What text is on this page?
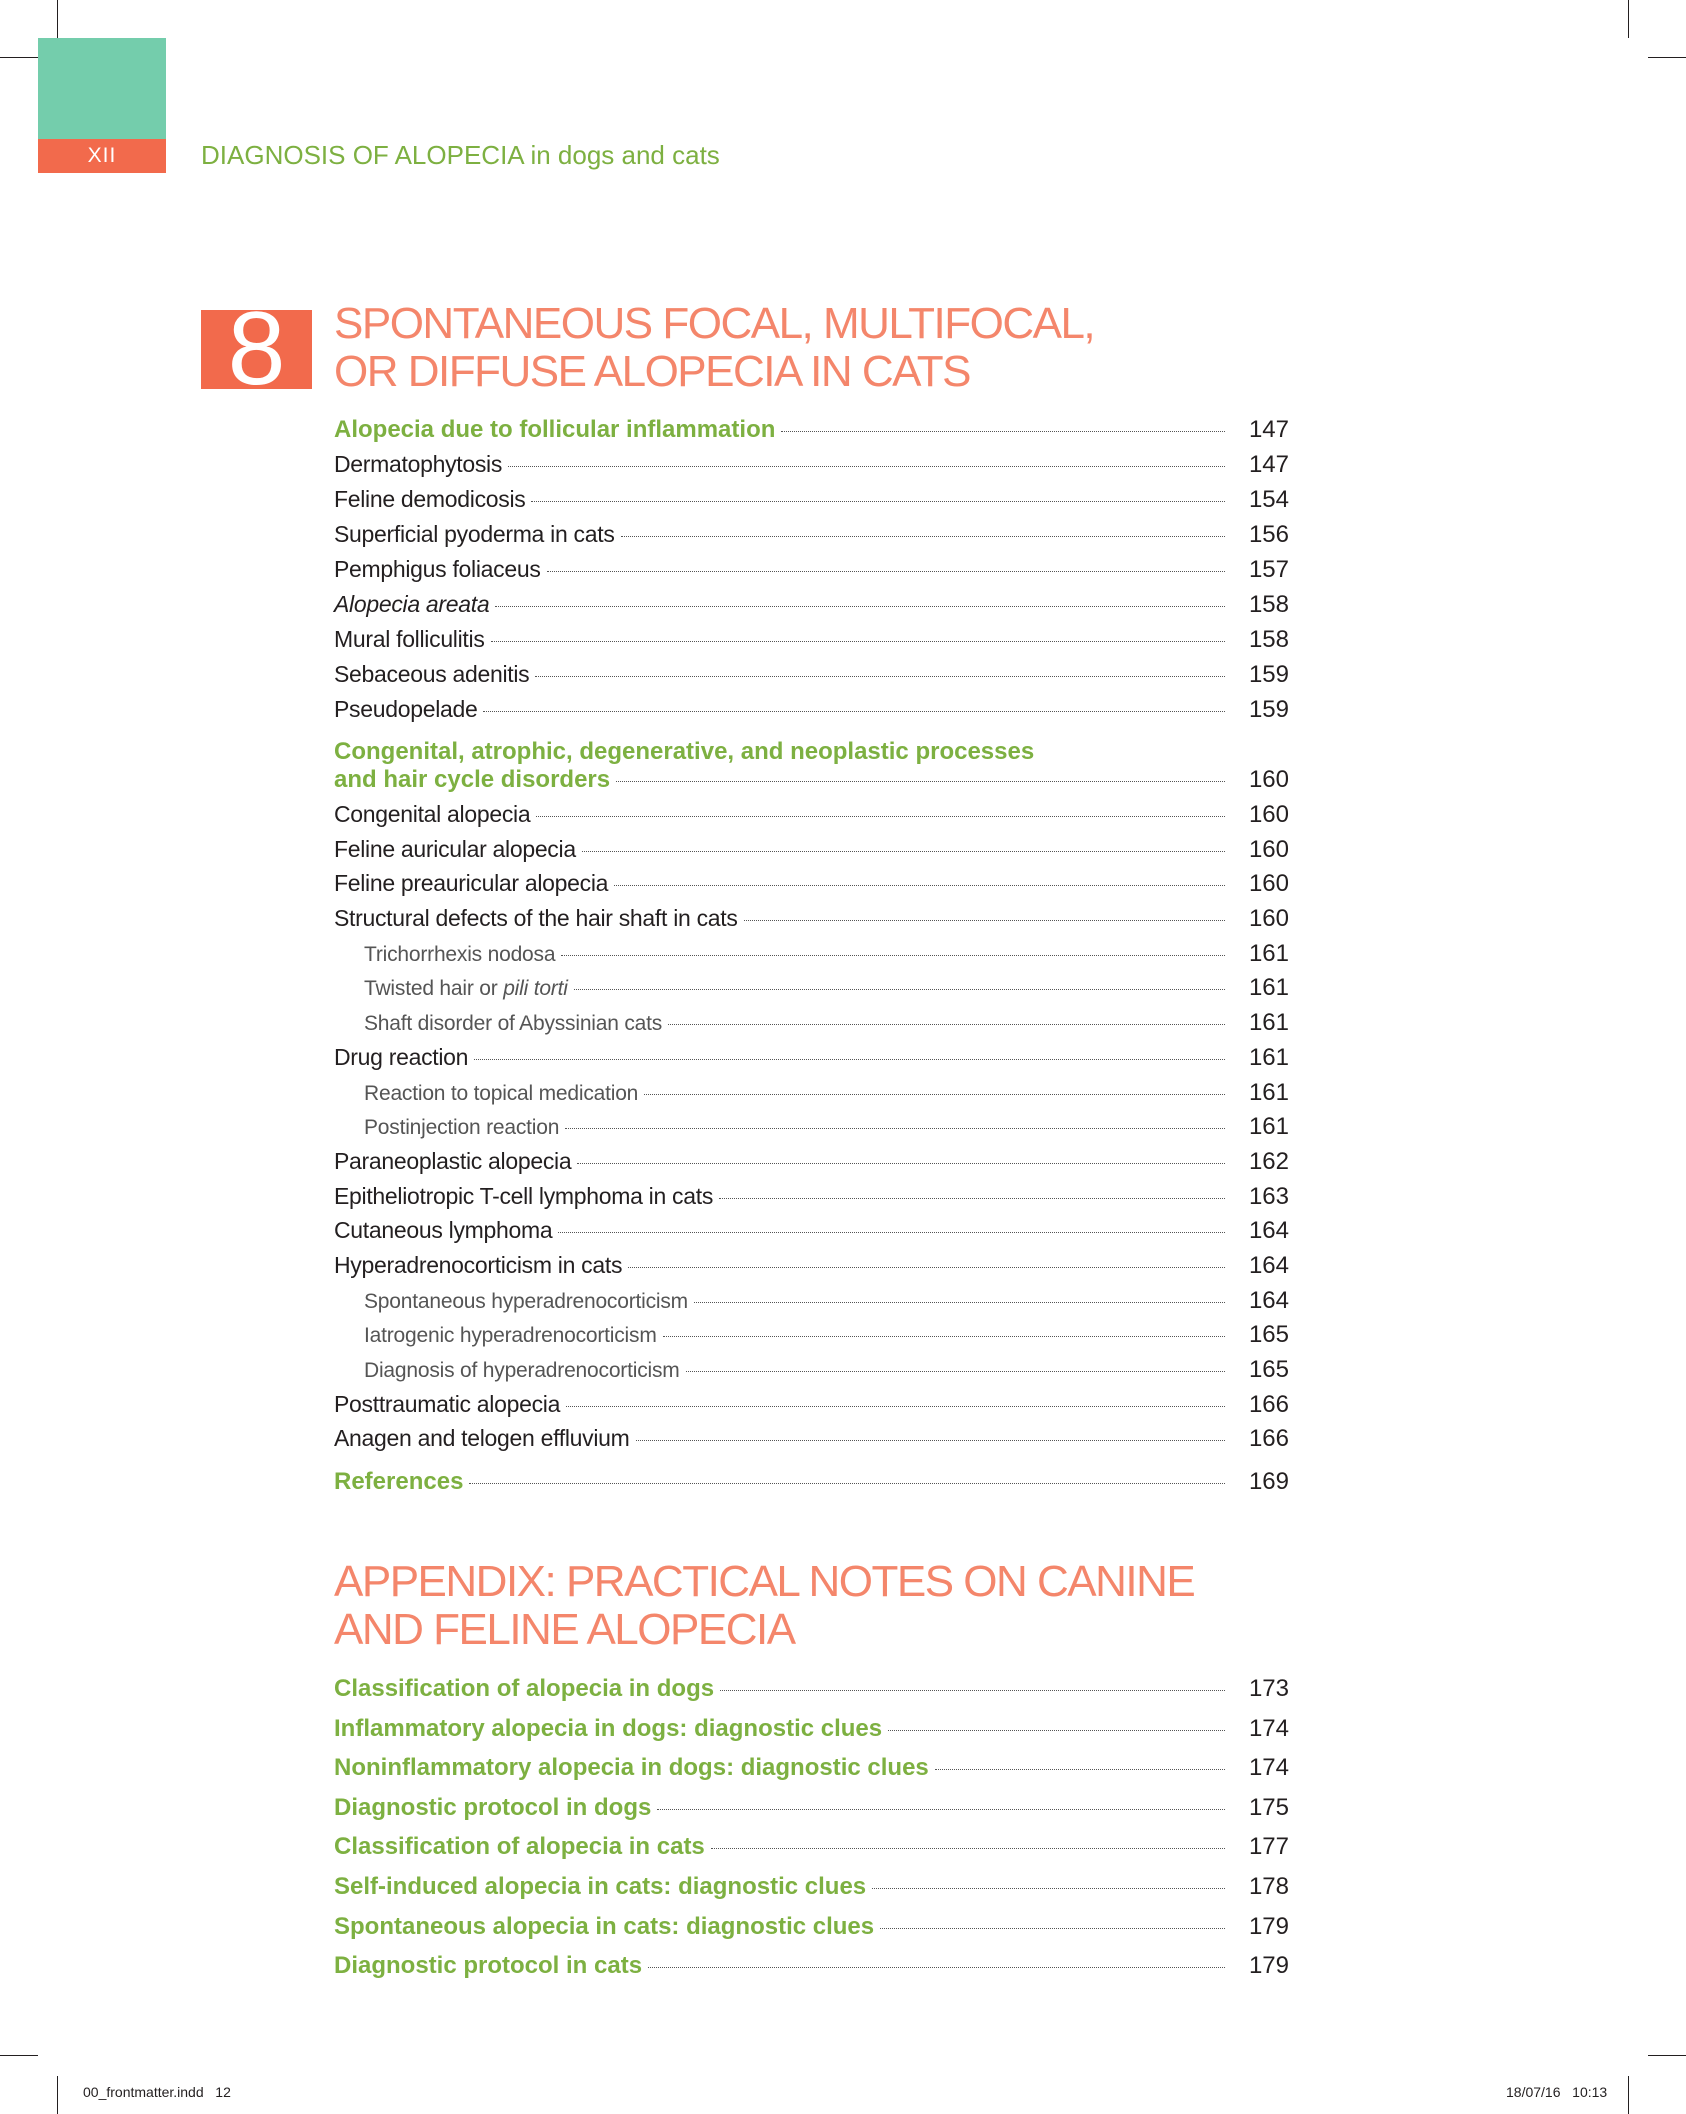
XII	DIAGNOSIS OF ALOPECIA in dogs and cats
8	SPONTANEOUS FOCAL, MULTIFOCAL,
OR DIFFUSE ALOPECIA IN CATS
Alopecia due to follicular inflammation	147
Dermatophytosis	147
Feline demodicosis	154
Superficial pyoderma in cats	156
Pemphigus foliaceus	157
Alopecia areata	158
Mural folliculitis	158
Sebaceous adenitis	159
Pseudopelade	159
Congenital, atrophic, degenerative, and neoplastic processes
and hair cycle disorders	160
Congenital alopecia	160
Feline auricular alopecia	160
Feline preauricular alopecia	160
Structural defects of the hair shaft in cats	160
Trichorrhexis nodosa	161
Twisted hair or pili torti	161
Shaft disorder of Abyssinian cats	161
Drug reaction	161
Reaction to topical medication	161
Postinjection reaction	161
Paraneoplastic alopecia	162
Epitheliotropic T-cell lymphoma in cats	163
Cutaneous lymphoma	164
Hyperadrenocorticism in cats	164
Spontaneous hyperadrenocorticism	164
Iatrogenic hyperadrenocorticism	165
Diagnosis of hyperadrenocorticism	165
Posttraumatic alopecia	166
Anagen and telogen effluvium	166
References	169
APPENDIX: PRACTICAL NOTES ON CANINE
AND FELINE ALOPECIA
Classification of alopecia in dogs	173
Inflammatory alopecia in dogs: diagnostic clues	174
Noninflammatory alopecia in dogs: diagnostic clues	174
Diagnostic protocol in dogs	175
Classification of alopecia in cats	177
Self-induced alopecia in cats: diagnostic clues	178
Spontaneous alopecia in cats: diagnostic clues	179
Diagnostic protocol in cats	179
00_frontmatter.indd   12	18/07/16   10:13
